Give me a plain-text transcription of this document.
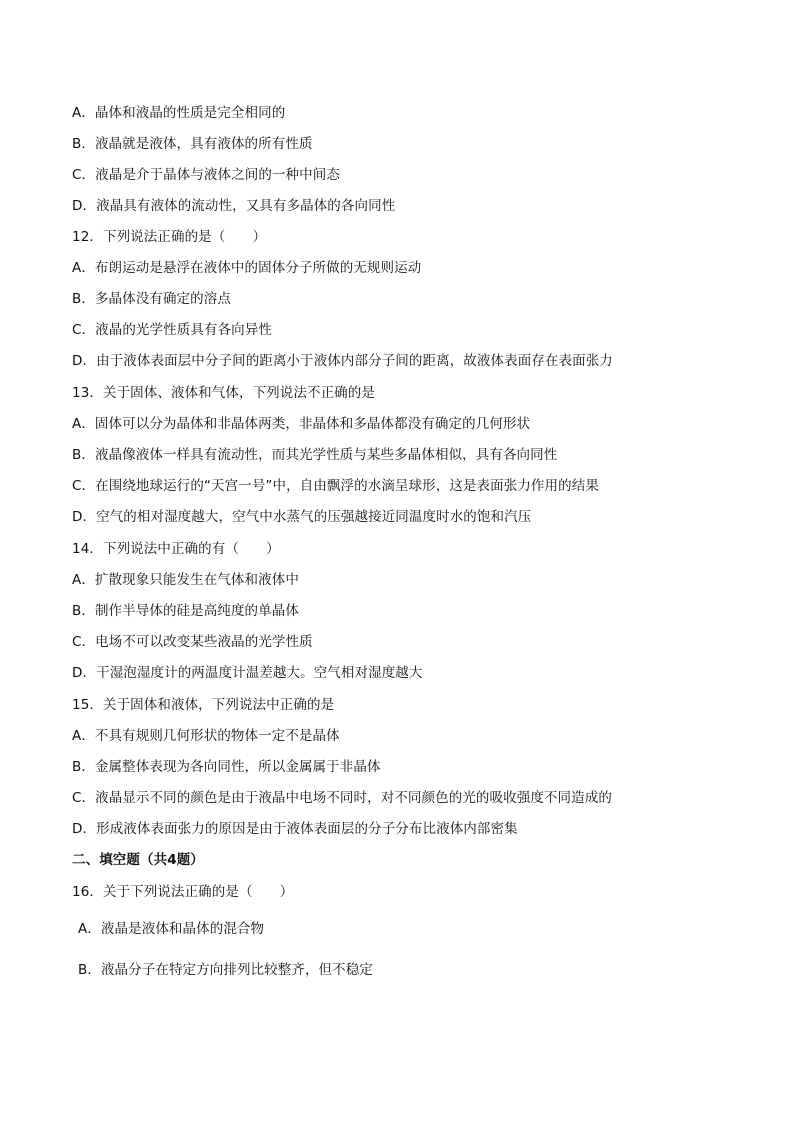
A．晶体和液晶的性质是完全相同的
B．液晶就是液体，具有液体的所有性质
C．液晶是介于晶体与液体之间的一种中间态
D．液晶具有液体的流动性，又具有多晶体的各向同性
12．下列说法正确的是（　　）
A．布朗运动是悬浮在液体中的固体分子所做的无规则运动
B．多晶体没有确定的溶点
C．液晶的光学性质具有各向异性
D．由于液体表面层中分子间的距离小于液体内部分子间的距离，故液体表面存在表面张力
13．关于固体、液体和气体，下列说法不正确的是
A．固体可以分为晶体和非晶体两类，非晶体和多晶体都没有确定的几何形状
B．液晶像液体一样具有流动性，而其光学性质与某些多晶体相似，具有各向同性
C．在围绕地球运行的“天宫一号”中，自由飘浮的水滴呈球形，这是表面张力作用的结果
D．空气的相对湿度越大，空气中水蒸气的压强越接近同温度时水的饱和汽压
14．下列说法中正确的有（　　）
A．扩散现象只能发生在气体和液体中
B．制作半导体的硅是高纯度的单晶体
C．电场不可以改变某些液晶的光学性质
D．干湿泡湿度计的两温度计温差越大。空气相对湿度越大
15．关于固体和液体，下列说法中正确的是
A．不具有规则几何形状的物体一定不是晶体
B．金属整体表现为各向同性，所以金属属于非晶体
C．液晶显示不同的颜色是由于液晶中电场不同时，对不同颜色的光的吸收强度不同造成的
D．形成液体表面张力的原因是由于液体表面层的分子分布比液体内部密集
二、填空题（共4题）
16．关于下列说法正确的是（　　）
A．液晶是液体和晶体的混合物
B．液晶分子在特定方向排列比较整齐，但不稳定
